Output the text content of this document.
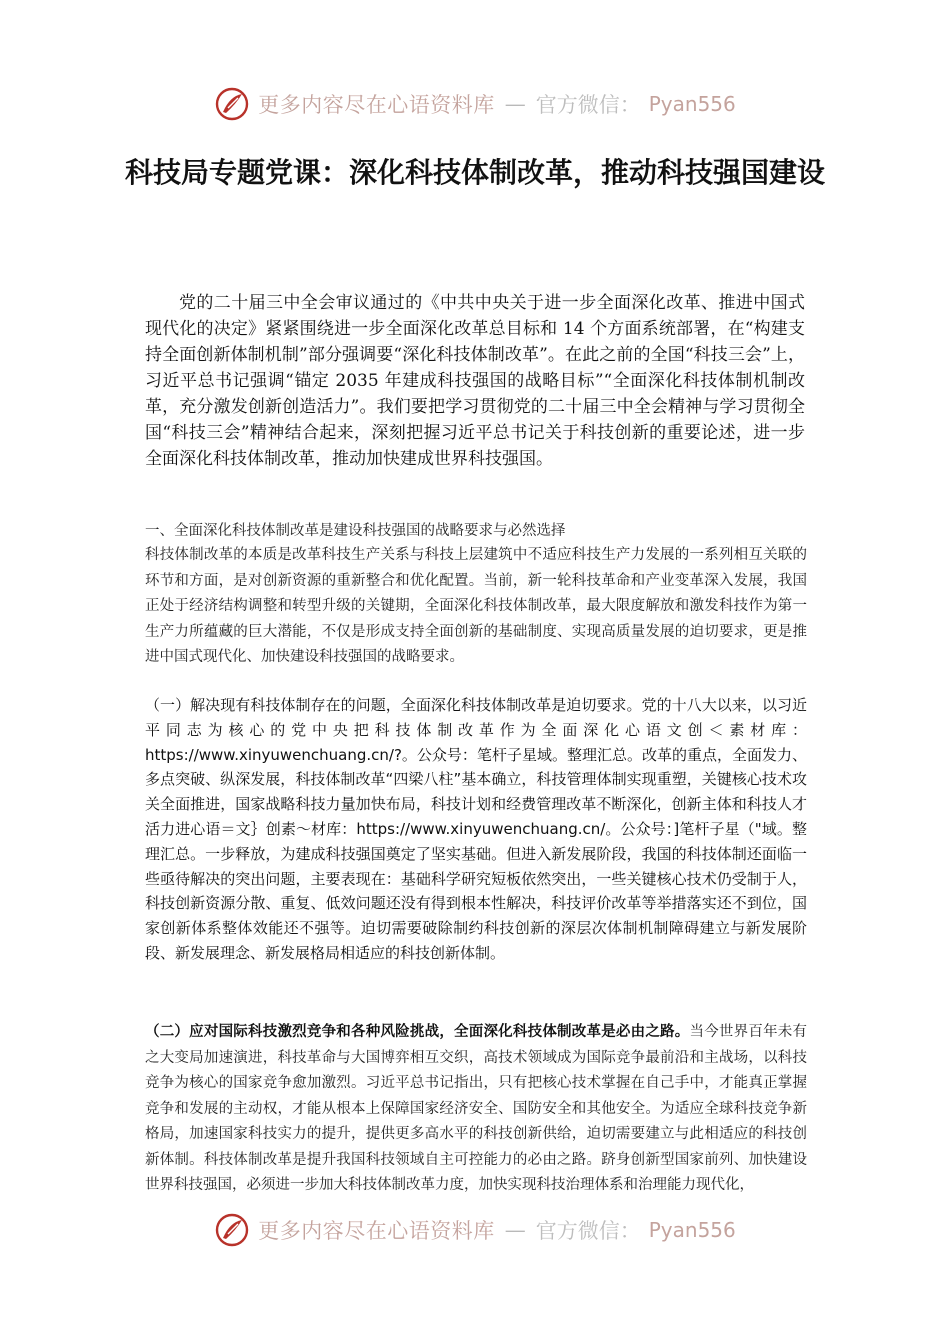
更多内容尽在心语资料库 — 官方微信： Pyan556
科技局专题党课：深化科技体制改革，推动科技强国建设

党的二十届三中全会审议通过的《中共中央关于进一步全面深化改革、推进中国式现代化的决定》紧紧围绕进一步全面深化改革总目标和 14 个方面系统部署，在“构建支持全面创新体制机制”部分强调要“深化科技体制改革”。在此之前的全国“科技三会”上，习近平总书记强调“锚定 2035 年建成科技强国的战略目标”“全面深化科技体制机制改革，充分激发创新创造活力”。我们要把学习贯彻党的二十届三中全会精神与学习贯彻全国“科技三会”精神结合起来，深刻把握习近平总书记关于科技创新的重要论述，进一步全面深化科技体制改革，推动加快建成世界科技强国。

一、全面深化科技体制改革是建设科技强国的战略要求与必然选择

科技体制改革的本质是改革科技生产关系与科技上层建筑中不适应科技生产力发展的一系列相互关联的环节和方面，是对创新资源的重新整合和优化配置。当前，新一轮科技革命和产业变革深入发展，我国正处于经济结构调整和转型升级的关键期，全面深化科技体制改革，最大限度解放和激发科技作为第一生产力所蕴藏的巨大潜能，不仅是形成支持全面创新的基础制度、实现高质量发展的迫切要求，更是推进中国式现代化、加快建设科技强国的战略要求。

（一）解决现有科技体制存在的问题，全面深化科技体制改革是迫切要求。党的十八大以来，以习近平同志为核心的党中央把科技体制改革作为全面深化心语文创＜素材库：https://www.xinyuwenchuang.cn/?。公众号：笔杆子星域。整理汇总。改革的重点，全面发力、多点突破、纵深发展，科技体制改革“四梁八柱”基本确立，科技管理体制实现重塑，关键核心技术攻关全面推进，国家战略科技力量加快布局，科技计划和经费管理改革不断深化，创新主体和科技人才活力进心语＝文｝创素～材库：https://www.xinyuwenchuang.cn/。公众号：]笔杆子星（"域。整理汇总。一步释放，为建成科技强国奠定了坚实基础。但进入新发展阶段，我国的科技体制还面临一些亟待解决的突出问题，主要表现在：基础科学研究短板依然突出，一些关键核心技术仍受制于人，科技创新资源分散、重复、低效问题还没有得到根本性解决，科技评价改革等举措落实还不到位，国家创新体系整体效能还不强等。迫切需要破除制约科技创新的深层次体制机制障碍建立与新发展阶段、新发展理念、新发展格局相适应的科技创新体制。

（二）应对国际科技激烈竞争和各种风险挑战，全面深化科技体制改革是必由之路。当今世界百年未有之大变局加速演进，科技革命与大国博弈相互交织，高技术领域成为国际竞争最前沿和主战场，以科技竞争为核心的国家竞争愈加激烈。习近平总书记指出，只有把核心技术掌握在自己手中，才能真正掌握竞争和发展的主动权，才能从根本上保障国家经济安全、国防安全和其他安全。为适应全球科技竞争新格局，加速国家科技实力的提升，提供更多高水平的科技创新供给，迫切需要建立与此相适应的科技创新体制。科技体制改革是提升我国科技领域自主可控能力的必由之路。跻身创新型国家前列、加快建设世界科技强国，必须进一步加大科技体制改革力度，加快实现科技治理体系和治理能力现代化，

更多内容尽在心语资料库 — 官方微信： Pyan556
